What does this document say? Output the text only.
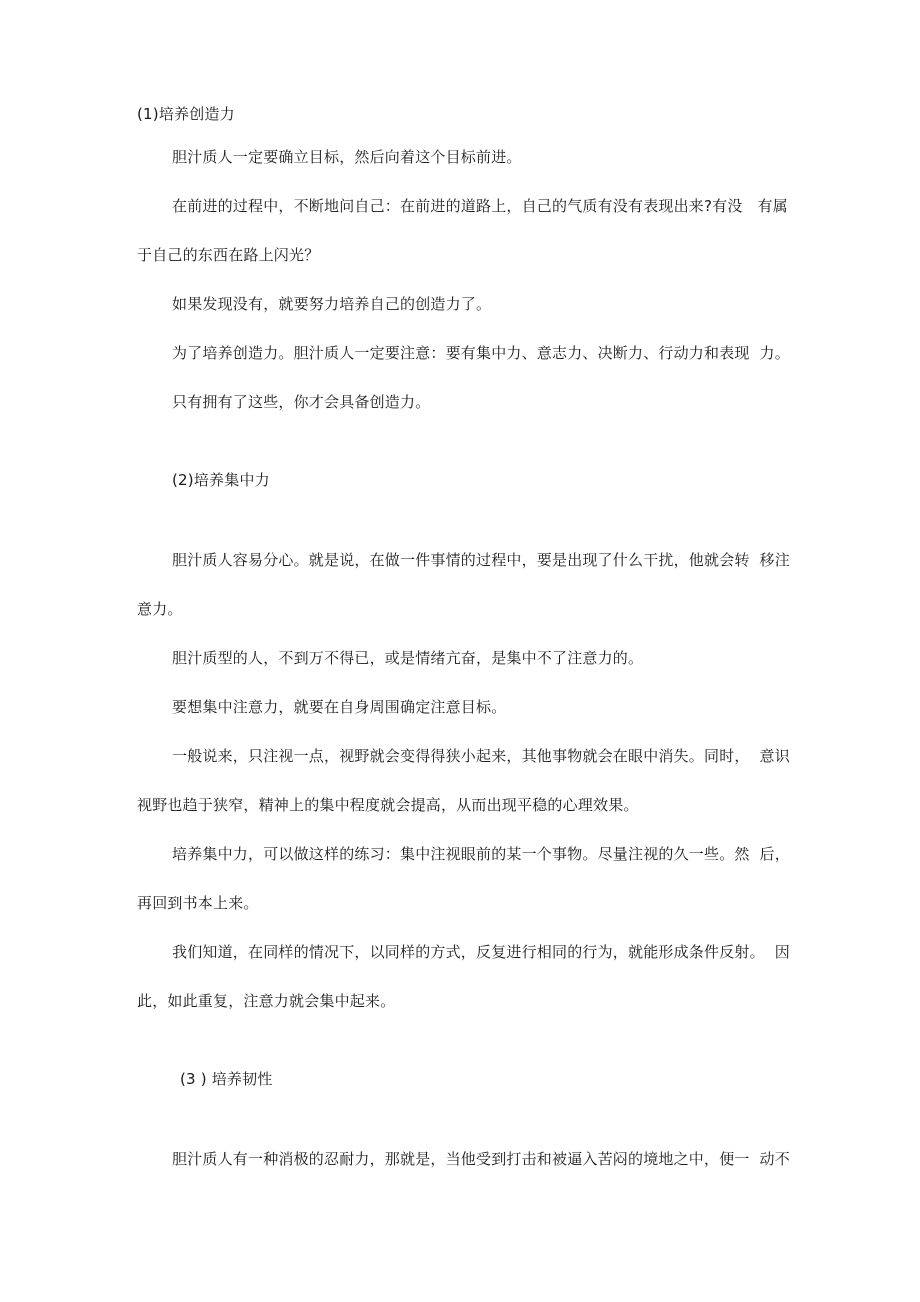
(1)培养创造力
胆汁质人一定要确立目标，然后向着这个目标前进。
在前进的过程中，不断地问自己：在前进的道路上，自己的气质有没有表现出来?有没   有属
于自己的东西在路上闪光？
如果发现没有，就要努力培养自己的创造力了。
为了培养创造力。胆汁质人一定要注意：要有集中力、意志力、决断力、行动力和表现  力。
只有拥有了这些，你才会具备创造力。
(2)培养集中力
胆汁质人容易分心。就是说，在做一件事情的过程中，要是出现了什么干扰，他就会转  移注
意力。
胆汁质型的人，不到万不得已，或是情绪亢奋，是集中不了注意力的。
要想集中注意力，就要在自身周围确定注意目标。
一般说来，只注视一点，视野就会变得得狭小起来，其他事物就会在眼中消失。同时，  意识
视野也趋于狭窄，精神上的集中程度就会提高，从而出现平稳的心理效果。
培养集中力，可以做这样的练习：集中注视眼前的某一个事物。尽量注视的久一些。然  后，
再回到书本上来。
我们知道，在同样的情况下，以同样的方式，反复进行相同的行为，就能形成条件反射。  因
此，如此重复，注意力就会集中起来。
(3 ) 培养韧性
胆汁质人有一种消极的忍耐力，那就是，当他受到打击和被逼入苦闷的境地之中，便一  动不
